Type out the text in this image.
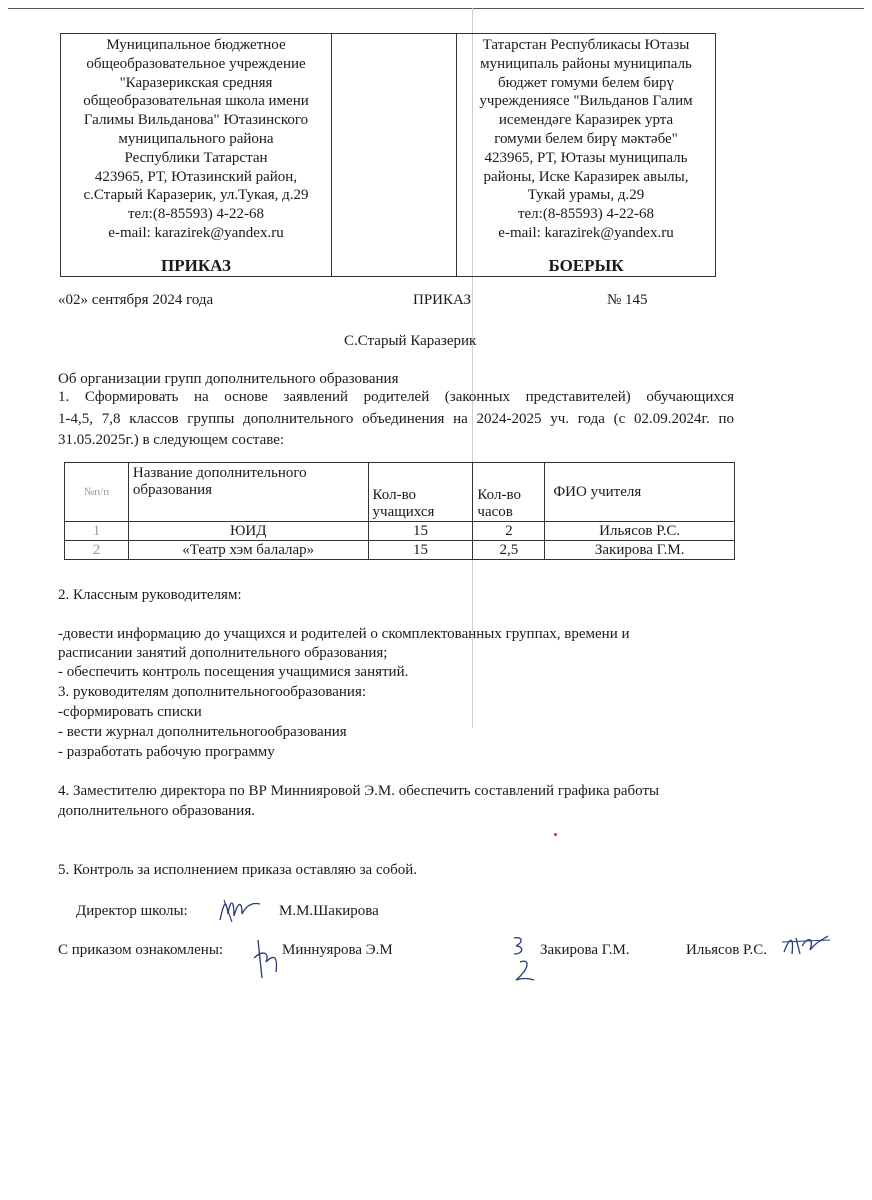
Муниципальное бюджетное
общеобразовательное учреждение
"Каразерикская средняя
общеобразовательная школа имени
Галимы Вильданова" Ютазинского
муниципального района
Республики Татарстан
423965, РТ, Ютазинский район,
с.Старый Каразерик, ул.Тукая, д.29
тел:(8-85593) 4-22-68
e-mail: karazirek@yandex.ru
ПРИКАЗ
Татарстан Республикасы Ютазы
муниципаль районы муниципаль
бюджет гомуми белем бирү
учреждениясе "Вильданов Галим
исемендәге Каразирек урта
гомуми белем бирү мәктәбе"
423965, РТ, Ютазы муниципаль
районы, Иске Каразирек авылы,
Тукай урамы, д.29
тел:(8-85593) 4-22-68
e-mail: karazirek@yandex.ru
БОЕРЫК
«02» сентября 2024 года	ПРИКАЗ	№ 145
С.Старый Каразерик
Об организации групп дополнительного образования
1. Сформировать на основе заявлений родителей (законных представителей) обучающихся
1-4,5, 7,8 классов группы дополнительного объединения на 2024-2025 уч. года (с 02.09.2024г. по
31.05.2025г.) в следующем составе:
№п/п	Название дополнительного образования	Кол-во учащихся	Кол-во часов	ФИО учителя
1	ЮИД	15	2	Ильясов Р.С.
2	«Театр хэм балалар»	15	2,5	Закирова Г.М.
2. Классным руководителям:
-довести информацию до учащихся и родителей о скомплектованных группах, времени и
расписании занятий дополнительного образования;
- обеспечить контроль посещения учащимися занятий.
3. руководителям дополнительногообразования:
-сформировать списки
- вести журнал дополнительногообразования
- разработать рабочую программу
4. Заместителю директора по ВР Миннияровой Э.М. обеспечить составлений графика работы
дополнительного образования.
5. Контроль за исполнением приказа оставляю за собой.
Директор школы:	М.М.Шакирова
С приказом ознакомлены:	Миннуярова Э.М	Закирова Г.М.	Ильясов Р.С.
